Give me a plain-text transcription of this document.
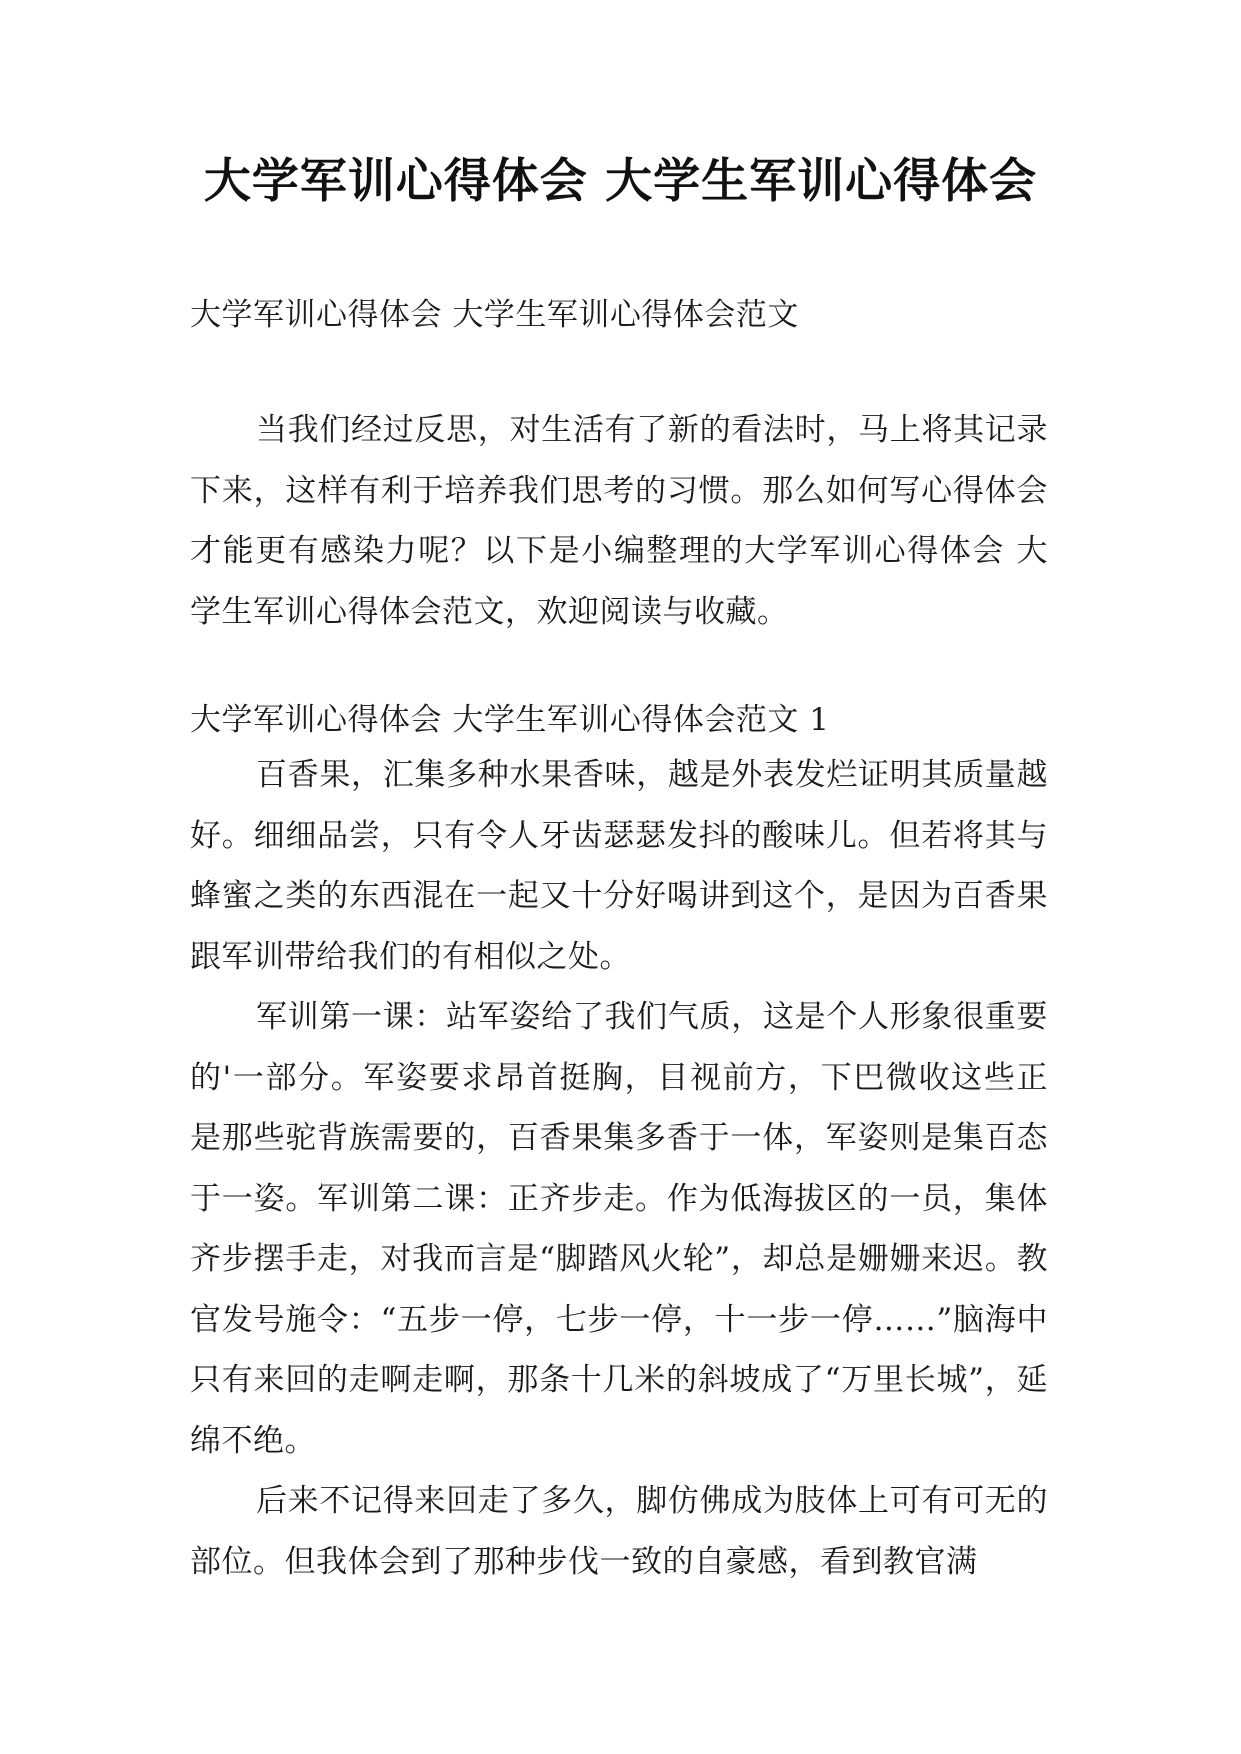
大学军训心得体会 大学生军训心得体会

大学军训心得体会 大学生军训心得体会范文

当我们经过反思，对生活有了新的看法时，马上将其记录下来，这样有利于培养我们思考的习惯。那么如何写心得体会才能更有感染力呢？以下是小编整理的大学军训心得体会 大学生军训心得体会范文，欢迎阅读与收藏。

大学军训心得体会 大学生军训心得体会范文 1

百香果，汇集多种水果香味，越是外表发烂证明其质量越好。细细品尝，只有令人牙齿瑟瑟发抖的酸味儿。但若将其与蜂蜜之类的东西混在一起又十分好喝讲到这个，是因为百香果跟军训带给我们的有相似之处。

军训第一课：站军姿给了我们气质，这是个人形象很重要的'一部分。军姿要求昂首挺胸，目视前方，下巴微收这些正是那些驼背族需要的，百香果集多香于一体，军姿则是集百态于一姿。军训第二课：正齐步走。作为低海拔区的一员，集体齐步摆手走，对我而言是“脚踏风火轮”，却总是姗姗来迟。教官发号施令：“五步一停，七步一停，十一步一停……”脑海中只有来回的走啊走啊，那条十几米的斜坡成了“万里长城”，延绵不绝。

后来不记得来回走了多久，脚仿佛成为肢体上可有可无的部位。但我体会到了那种步伐一致的自豪感，看到教官满
